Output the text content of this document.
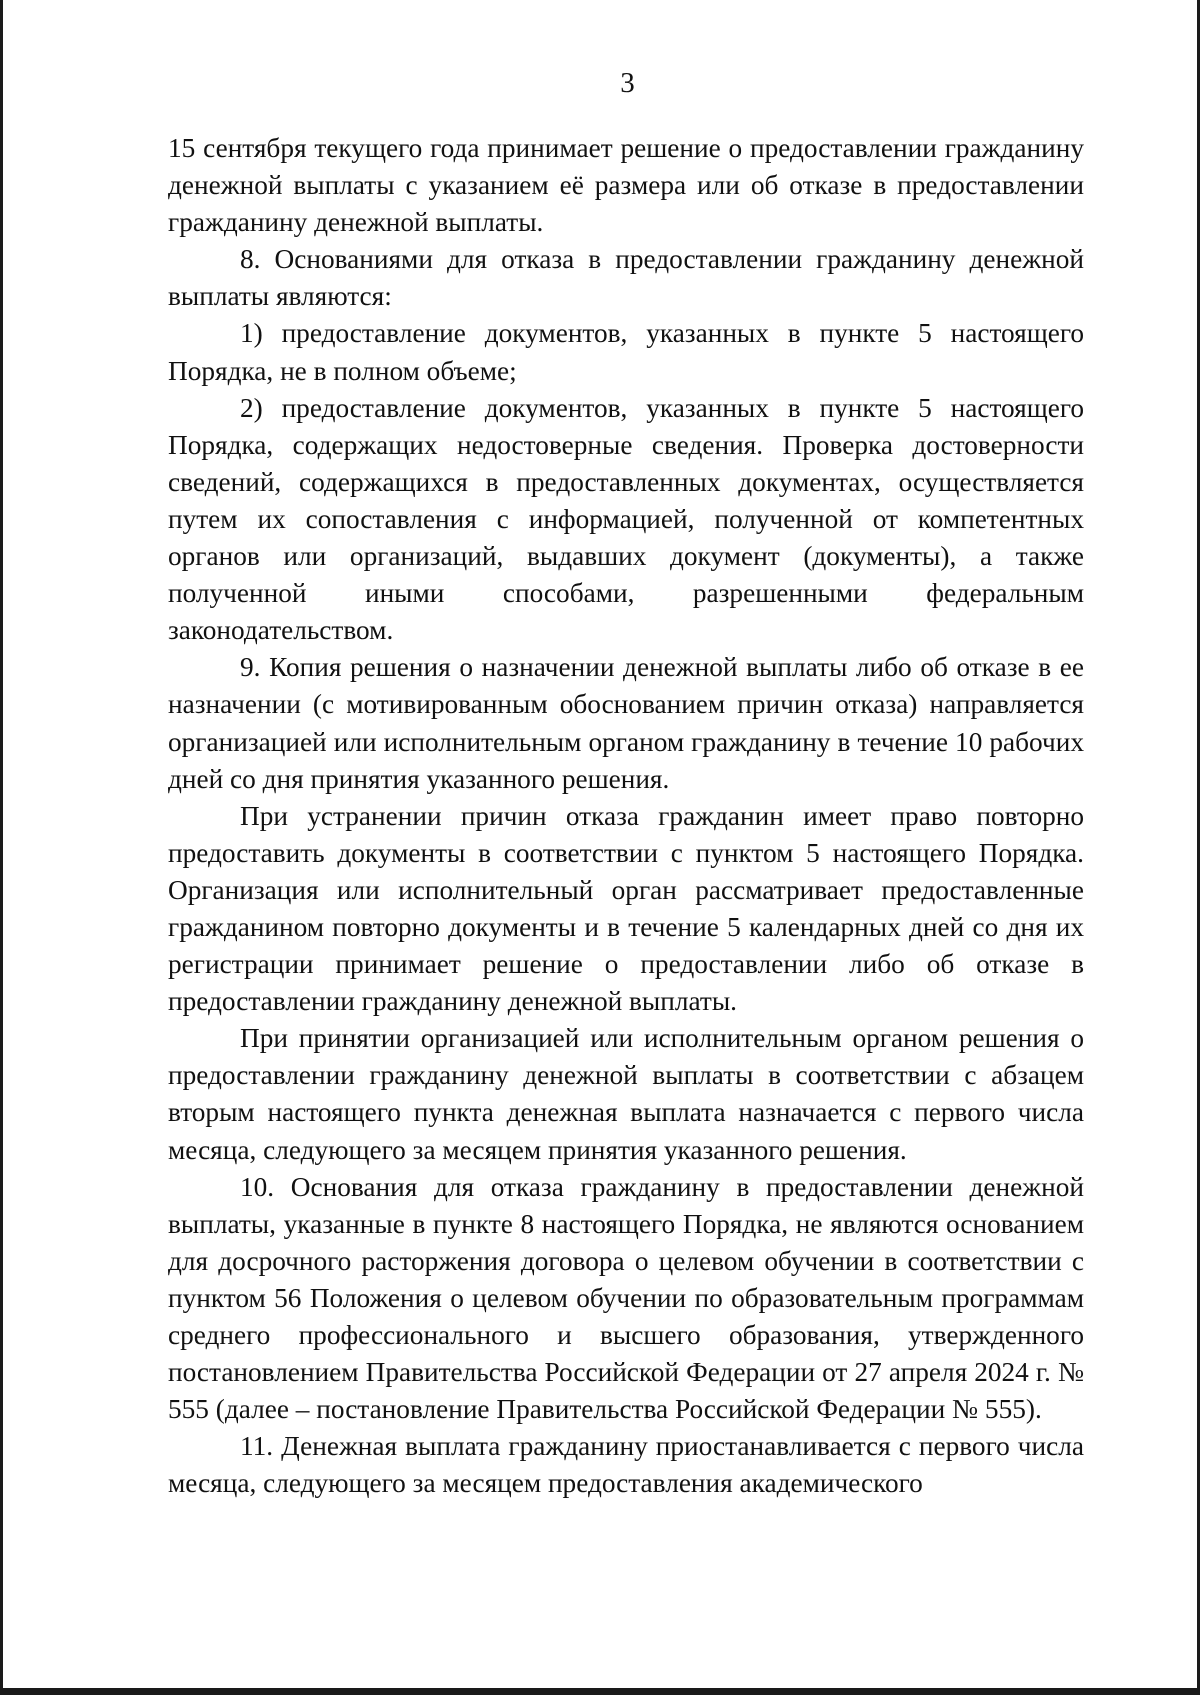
3

15 сентября текущего года принимает решение о предоставлении гражданину денежной выплаты с указанием её размера или об отказе в предоставлении гражданину денежной выплаты.

8. Основаниями для отказа в предоставлении гражданину денежной выплаты являются:

1) предоставление документов, указанных в пункте 5 настоящего Порядка, не в полном объеме;

2) предоставление документов, указанных в пункте 5 настоящего Порядка, содержащих недостоверные сведения. Проверка достоверности сведений, содержащихся в предоставленных документах, осуществляется путем их сопоставления с информацией, полученной от компетентных органов или организаций, выдавших документ (документы), а также полученной иными способами, разрешенными федеральным законодательством.

9. Копия решения о назначении денежной выплаты либо об отказе в ее назначении (с мотивированным обоснованием причин отказа) направляется организацией или исполнительным органом гражданину в течение 10 рабочих дней со дня принятия указанного решения.

При устранении причин отказа гражданин имеет право повторно предоставить документы в соответствии с пунктом 5 настоящего Порядка. Организация или исполнительный орган рассматривает предоставленные гражданином повторно документы и в течение 5 календарных дней со дня их регистрации принимает решение о предоставлении либо об отказе в предоставлении гражданину денежной выплаты.

При принятии организацией или исполнительным органом решения о предоставлении гражданину денежной выплаты в соответствии с абзацем вторым настоящего пункта денежная выплата назначается с первого числа месяца, следующего за месяцем принятия указанного решения.

10. Основания для отказа гражданину в предоставлении денежной выплаты, указанные в пункте 8 настоящего Порядка, не являются основанием для досрочного расторжения договора о целевом обучении в соответствии с пунктом 56 Положения о целевом обучении по образовательным программам среднего профессионального и высшего образования, утвержденного постановлением Правительства Российской Федерации от 27 апреля 2024 г. № 555 (далее – постановление Правительства Российской Федерации № 555).

11. Денежная выплата гражданину приостанавливается с первого числа месяца, следующего за месяцем предоставления академического
